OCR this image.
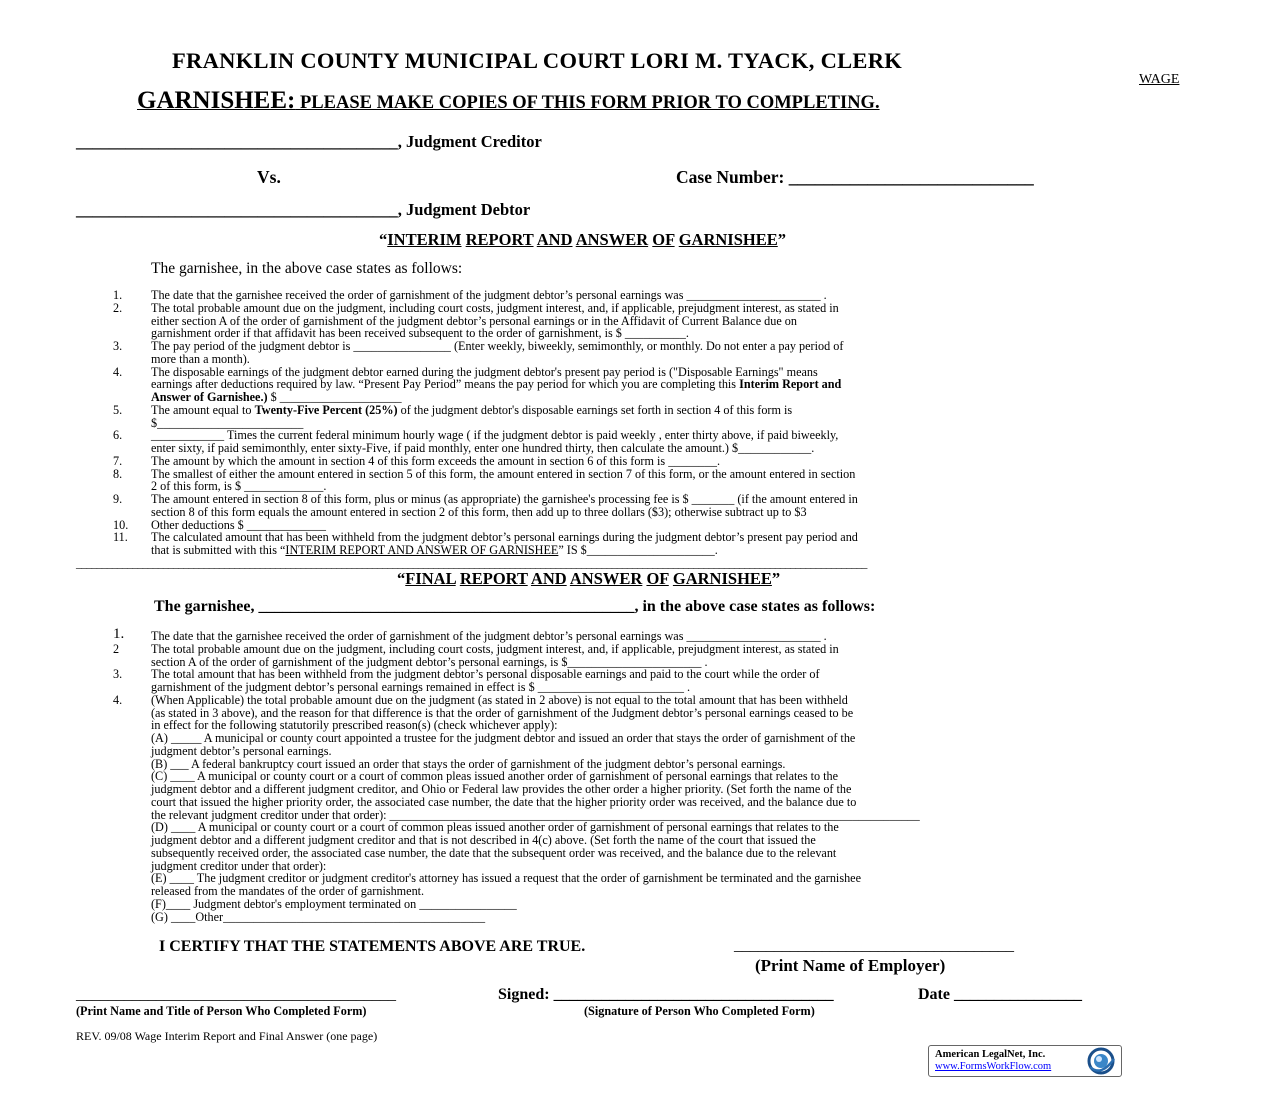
FRANKLIN COUNTY MUNICIPAL COURT LORI M. TYACK, CLERK
WAGE
GARNISHEE: PLEASE MAKE COPIES OF THIS FORM PRIOR TO COMPLETING.
_______________________________________, Judgment Creditor
Vs.	Case Number: ____________________________
_______________________________________, Judgment Debtor
“INTERIM REPORT AND ANSWER OF GARNISHEE”
The garnishee, in the above case states as follows:
1. The date that the garnishee received the order of garnishment of the judgment debtor’s personal earnings was ______________________ .
2. The total probable amount due on the judgment, including court costs, judgment interest, and, if applicable, prejudgment interest, as stated in
either section A of the order of garnishment of the judgment debtor’s personal earnings or in the Affidavit of Current Balance due on
garnishment order if that affidavit has been received subsequent to the order of garnishment, is $ __________.
3. The pay period of the judgment debtor is ________________ (Enter weekly, biweekly, semimonthly, or monthly. Do not enter a pay period of
more than a month).
4. The disposable earnings of the judgment debtor earned during the judgment debtor's present pay period is ("Disposable Earnings" means
earnings after deductions required by law. “Present Pay Period” means the pay period for which you are completing this Interim Report and
Answer of Garnishee.) $ ____________________
5. The amount equal to Twenty-Five Percent (25%) of the judgment debtor's disposable earnings set forth in section 4 of this form is
$________________________
6. ____________ Times the current federal minimum hourly wage ( if the judgment debtor is paid weekly , enter thirty above, if paid biweekly,
enter sixty, if paid semimonthly, enter sixty-Five, if paid monthly, enter one hundred thirty, then calculate the amount.) $____________.
7. The amount by which the amount in section 4 of this form exceeds the amount in section 6 of this form is ________.
8. The smallest of either the amount entered in section 5 of this form, the amount entered in section 7 of this form, or the amount entered in section
2 of this form, is $ _____________.
9. The amount entered in section 8 of this form, plus or minus (as appropriate) the garnishee's processing fee is $ _______ (if the amount entered in
section 8 of this form equals the amount entered in section 2 of this form, then add up to three dollars ($3); otherwise subtract up to $3
10. Other deductions $ _____________
11. The calculated amount that has been withheld from the judgment debtor’s personal earnings during the judgment debtor’s present pay period and
that is submitted with this “INTERIM REPORT AND ANSWER OF GARNISHEE” IS $_____________________.
___________________________________________________________________________________________________________________________________________________________
“FINAL REPORT AND ANSWER OF GARNISHEE”
The garnishee, _______________________________________________, in the above case states as follows:
1. The date that the garnishee received the order of garnishment of the judgment debtor’s personal earnings was ______________________ .
2	The total probable amount due on the judgment, including court costs, judgment interest, and, if applicable, prejudgment interest, as stated in
section A of the order of garnishment of the judgment debtor’s personal earnings, is $______________________ .
3. The total amount that has been withheld from the judgment debtor’s personal disposable earnings and paid to the court while the order of
garnishment of the judgment debtor’s personal earnings remained in effect is $ ________________________ .
4. (When Applicable) the total probable amount due on the judgment (as stated in 2 above) is not equal to the total amount that has been withheld
(as stated in 3 above), and the reason for that difference is that the order of garnishment of the Judgment debtor’s personal earnings ceased to be
in effect for the following statutorily prescribed reason(s) (check whichever apply):
(A) _____ A municipal or county court appointed a trustee for the judgment debtor and issued an order that stays the order of garnishment of the
judgment debtor’s personal earnings.
(B) ___ A federal bankruptcy court issued an order that stays the order of garnishment of the judgment debtor’s personal earnings.
(C) ____ A municipal or county court or a court of common pleas issued another order of garnishment of personal earnings that relates to the
judgment debtor and a different judgment creditor, and Ohio or Federal law provides the other order a higher priority. (Set forth the name of the
court that issued the higher priority order, the associated case number, the date that the higher priority order was received, and the balance due to
the relevant judgment creditor under that order): _______________________________________________________________________________________
(D) ____ A municipal or county court or a court of common pleas issued another order of garnishment of personal earnings that relates to the
judgment debtor and a different judgment creditor and that is not described in 4(c) above. (Set forth the name of the court that issued the
subsequently received order, the associated case number, the date that the subsequent order was received, and the balance due to the relevant
judgment creditor under that order):
(E) ____ The judgment creditor or judgment creditor's attorney has issued a request that the order of garnishment be terminated and the garnishee
released from the mandates of the order of garnishment.
(F)____ Judgment debtor's employment terminated on ________________
(G) ____Other___________________________________________
I CERTIFY THAT THE STATEMENTS ABOVE ARE TRUE.	___________________________________
(Print Name of Employer)
________________________________________	Signed: ___________________________________	Date ________________
(Print Name and Title of Person Who Completed Form)	(Signature of Person Who Completed Form)
REV. 09/08 Wage Interim Report and Final Answer (one page)
American LegalNet, Inc.
www.FormsWorkFlow.com
